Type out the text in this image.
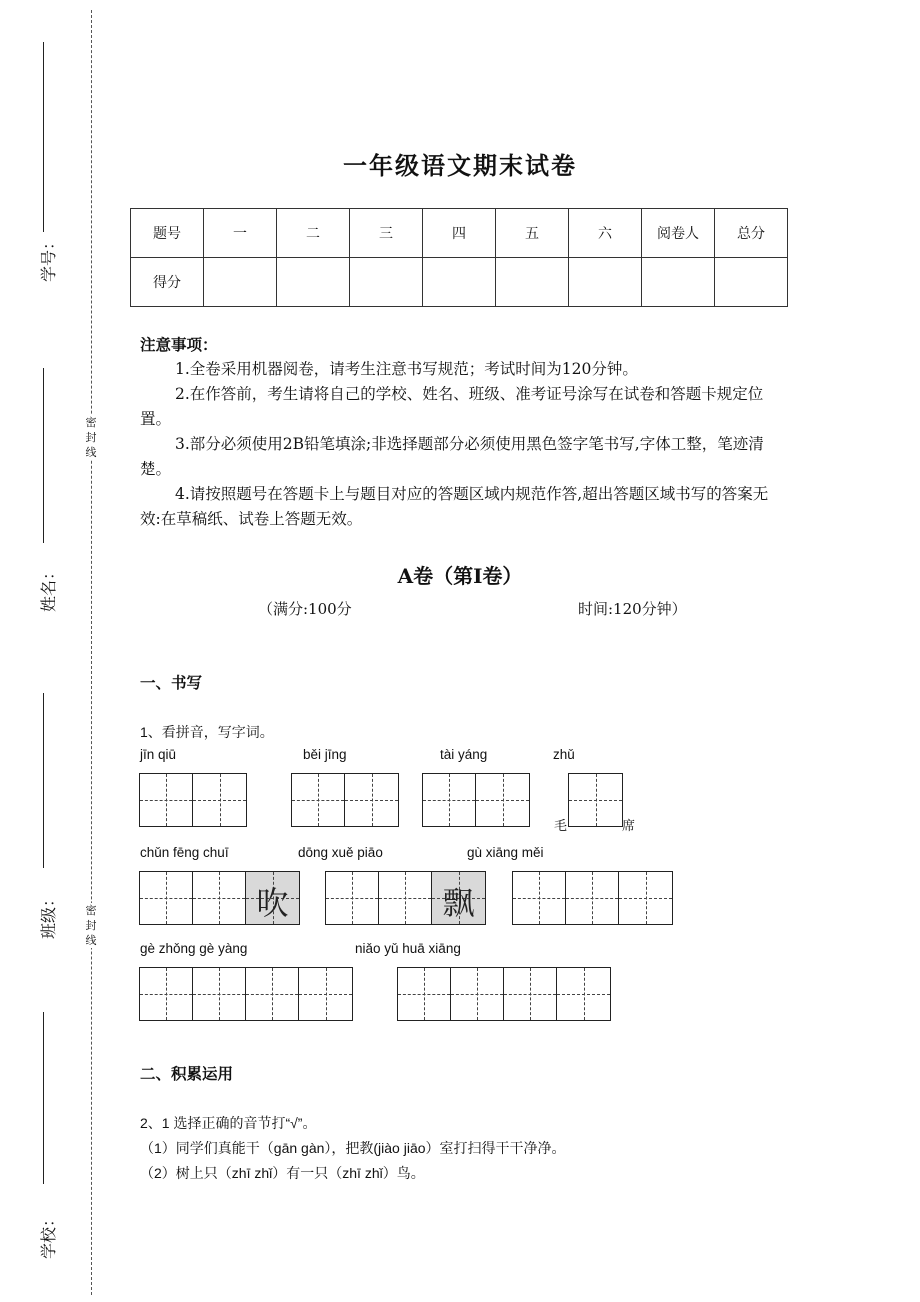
学号：
姓名：
班级：
学校：
密
封
线
密
封
线
一年级语文期末试卷
题号	一	二	三	四	五	六	阅卷人	总分
得分								
注意事项：

1.全卷采用机器阅卷，请考生注意书写规范；考试时间为120分钟。

2.在作答前，考生请将自己的学校、姓名、班级、准考证号涂写在试卷和答题卡规定位置。

3.部分必须使用2B铅笔填涂;非选择题部分必须使用黑色签字笔书写,字体工整，笔迹清楚。

4.请按照题号在答题卡上与题目对应的答题区域内规范作答,超出答题区域书写的答案无效:在草稿纸、试卷上答题无效。

A卷（第Ⅰ卷）
（满分:100分	时间:120分钟）
一、书写
1、看拼音，写字词。
jīn qiū	běi jīng	tài yáng	zhǔ
毛	席
chǔn fēng chuī	dōng xuě piāo	gù xiāng měi
吹	飘
gè zhǒng gè yàng	niǎo yǔ huā xiāng
二、积累运用
2、1 选择正确的音节打“√”。
（1）同学们真能干（gān gàn），把教(jiào jiāo）室打扫得干干净净。
（2）树上只（zhī zhǐ）有一只（zhī zhǐ）鸟。
